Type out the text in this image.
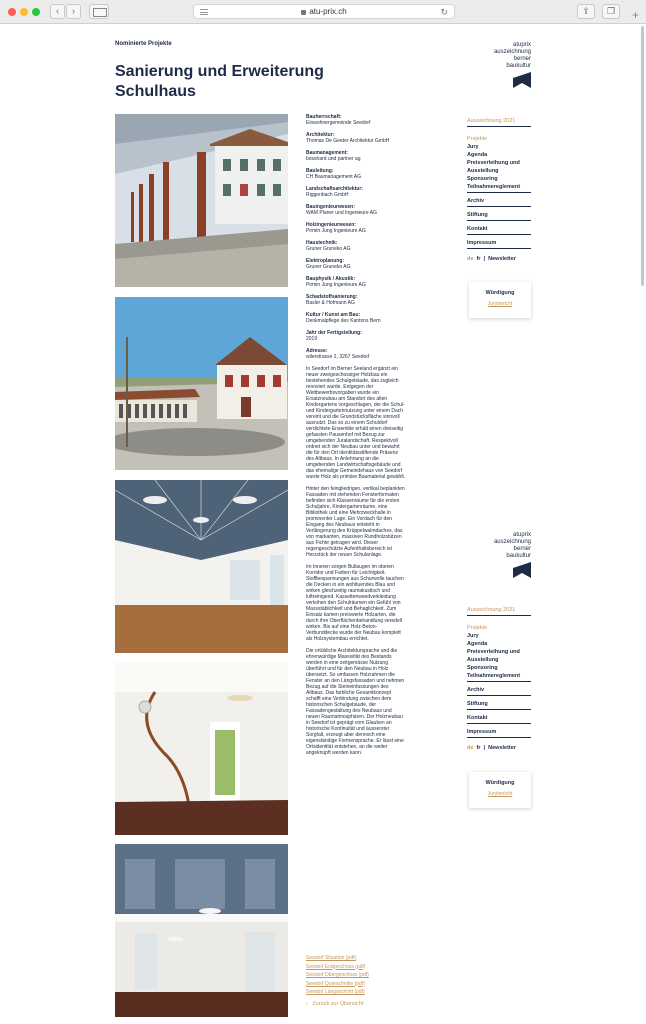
‹	›	atu-prix.ch	↻	⇪	❐	+
Nominierte Projekte
Sanierung und Erweiterung Schulhaus
atuprix
auszeichnung
berner
baukultur
Bauherrschaft:
Einwohnergemeinde Seedorf
Architektur:
Thomas De Geeter Architektur GmbH
Baumanagement:
bosshard und partner ag
Bauleitung:
CH Baumanagement AG
Landschaftsarchitektur:
Riggenbach GmbH
Bauingenieurwesen:
WAM Planer und Ingenieure AG
Holzingenieurwesen:
Pirmin Jung Ingenieure AG
Haustechnik:
Gruner Gruneko AG
Elektroplanung:
Gruner Gruneko AG
Bauphysik / Akustik:
Pirmin Jung Ingenieure AG
Schadstoffsanierung:
Basler & Hofmann AG
Kultur / Kunst am Bau:
Denkmalpflege des Kantons Bern
Jahr der Fertigstellung:
2019
Adresse:
wilerstrasse 2, 3267 Seedorf

In Seedorf im Berner Seeland ergänzt ein neuer zweigeschossiger Holzbau ein bestehendes Schulgebäude, das zugleich renoviert wurde. Entgegen der Wettbewerbsvorgaben wurde ein Ersatzneubau am Standort des alten Kindergartens vorgeschlagen, der die Schul- und Kindergartennutzung unter einem Dach vereint und die Grundstücksfläche sinnvoll ausnutzt. Das so zu einem Schuldorf verdichtete Ensemble erhält einen dreiseitig gefassten Pausenhof mit Bezug zur umgebenden Juralandschaft. Respektvoll ordnet sich der Neubau unter und bewahrt die für den Ort identitätsstiftende Präsenz des Altbaus. In Anlehnung an die umgebenden Landwirtschaftsgebäude und das ehemalige Gemeindehaus von Seedorf wurde Holz als primäre Baumaterial gewählt.

Hinter den feingliedrigen, vertikal beplankten Fassaden mit stehenden Fensterformaten befinden sich Klassenräume für die ersten Schuljahre, Kindergartenräume, eine Bibliothek und eine Mehrzweckhalle in prominenter Lage. Ein Vordach für den Eingang des Neubaus entsteht in Verlängerung des Krüppelwalmdaches, das von markanten, massiven Rundholzstützen aus Fichte getragen wird. Dieser regengeschützte Aufenthaltsbereich ist Herzstück der neuen Schulanlage.

Im Inneren sorgen Bullaugen im oberen Korridor und Farben für Leichtigkeit. Stoffbespannungen aus Schurwolle tauchen die Decken in ein wohltuendes Blau und wirken gleichzeitig raumakustisch und luftreinigend. Kassettenwandverkleidung verleihen den Schulräumen ein Gefühl von Massstäblichkeit und Behaglichkeit. Zum Einsatz kamen preiswerte Holzarten, die durch ihre Oberflächenbehandlung veredelt wirken. Bis auf eine Holz-Beton-Verbunddecke wurde der Neubau komplett als Holzsystembau errichtet.

Die ortübliche Architektursprache und die ehrenwürdige Massivität des Bestands werden in eine zeitgemässe Nutzung überführt und für den Neubau in Holz übersetzt. So umfassen Holzrahmen die Fenster an den Längsfassaden und nehmen Bezug auf die Steineinfassungen des Altbaus. Das farbliche Gesamtkonzept schafft eine Verbindung zwischen dem historischen Schulgebäude, der Fassadengestaltung des Neubaus und neuen Raumatmosphären. Der Holzneubau in Seedorf ist geprägt vom Glauben an historische Kontinuität und äusserster Sorgfalt, erzeugt aber dennoch eine eigenständige Formensprache. Er lässt eine Ortsidentität entstehen, an die weiter angeknüpft werden kann.

Auszeichnung 2021
Projekte
Jury
Agenda
Preisverleihung und Ausstellung
Sponsoring
Teilnahmereglement
Archiv
Stiftung
Kontakt
Impressum
de fr | Newsletter
Würdigung
Jurybericht
atuprix
auszeichnung
berner
baukultur
Auszeichnung 2021
Projekte
Jury
Agenda
Preisverleihung und Ausstellung
Sponsoring
Teilnahmereglement
Archiv
Stiftung
Kontakt
Impressum
de fr | Newsletter
Würdigung
Jurybericht
Seedorf Situation (pdf)
Seedorf Erdgeschoss (pdf)
Seedorf Obergeschoss (pdf)
Seedorf Querschnitte (pdf)
Seedorf Längsschnitt (pdf)
‹ Zurück zur Übersicht
